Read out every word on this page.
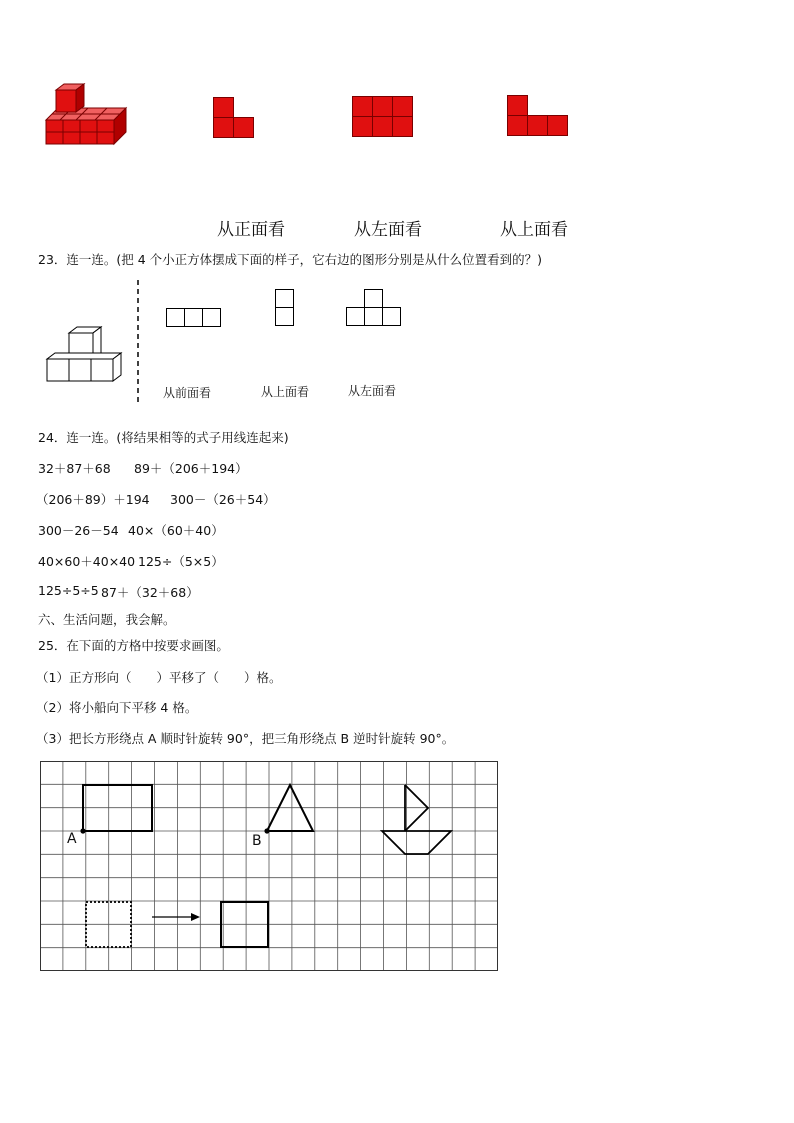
从正面看	从左面看	从上面看
23．连一连。(把 4 个小正方体摆成下面的样子，它右边的图形分别是从什么位置看到的？)
从前面看	从上面看	从左面看
24．连一连。(将结果相等的式子用线连起来)
32＋87＋68 89＋（206＋194）
（206＋89）＋194 300－（26＋54）
300－26－54 40×（60＋40）
40×60＋40×40 125÷（5×5）
125÷5÷5 87＋（32＋68）
六、生活问题，我会解。
25．在下面的方格中按要求画图。
（1）正方形向（　　）平移了（　　）格。
（2）将小船向下平移 4 格。
（3）把长方形绕点 A 顺时针旋转 90°，把三角形绕点 B 逆时针旋转 90°。
A	B
